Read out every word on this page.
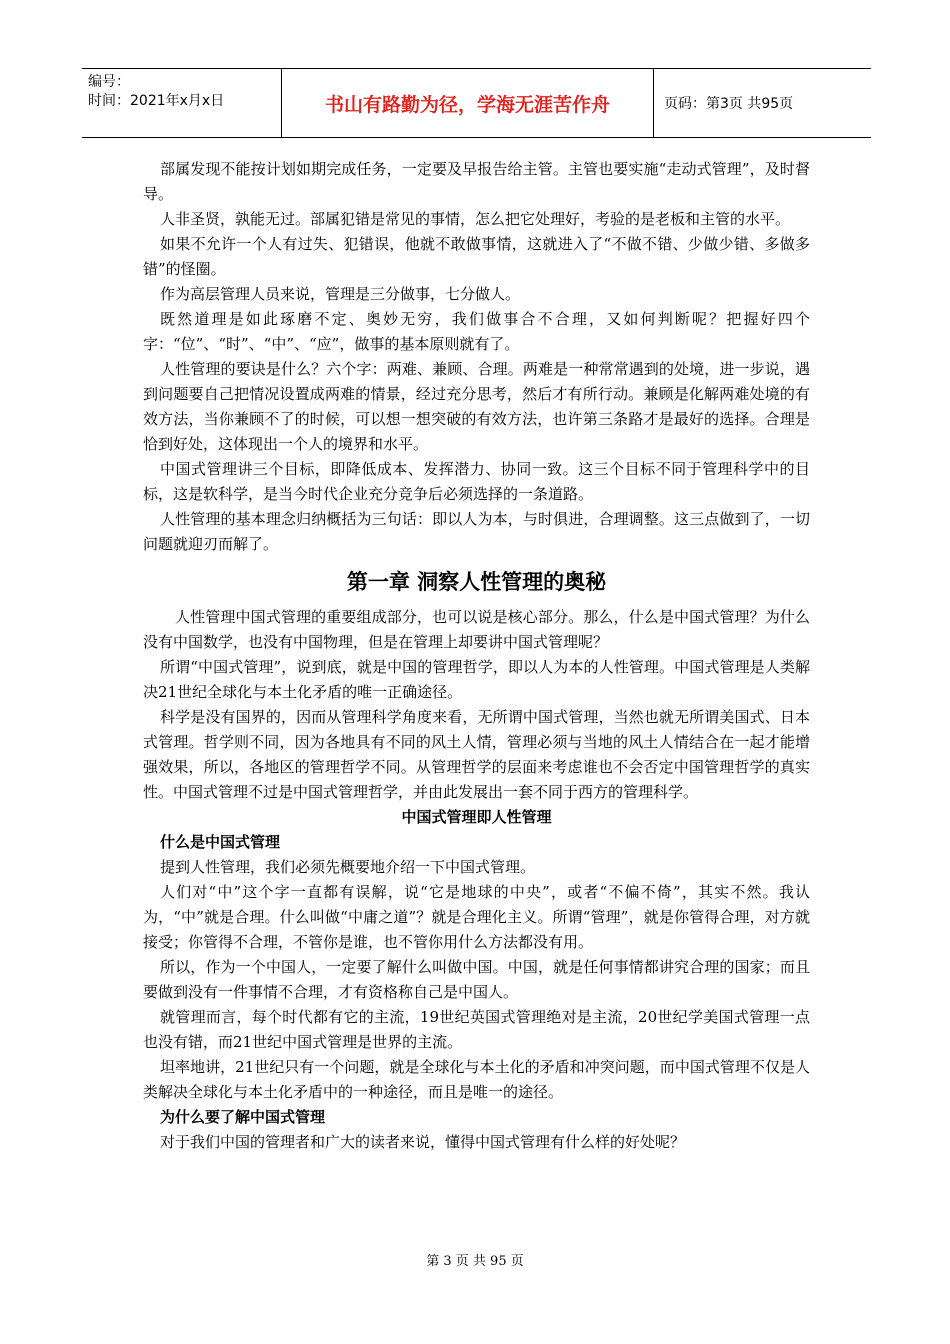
编号：
时间：2021年x月x日	书山有路勤为径，学海无涯苦作舟	页码：第3页 共95页

部属发现不能按计划如期完成任务，一定要及早报告给主管。主管也要实施“走动式管理”，及时督导。

人非圣贤，孰能无过。部属犯错是常见的事情，怎么把它处理好，考验的是老板和主管的水平。

如果不允许一个人有过失、犯错误，他就不敢做事情，这就进入了“不做不错、少做少错、多做多错”的怪圈。

作为高层管理人员来说，管理是三分做事，七分做人。

既然道理是如此琢磨不定、奥妙无穷，我们做事合不合理，又如何判断呢？把握好四个字：“位”、“时”、“中”、“应”，做事的基本原则就有了。

人性管理的要诀是什么？六个字：两难、兼顾、合理。两难是一种常常遇到的处境，进一步说，遇到问题要自己把情况设置成两难的情景，经过充分思考，然后才有所行动。兼顾是化解两难处境的有效方法，当你兼顾不了的时候，可以想一想突破的有效方法，也许第三条路才是最好的选择。合理是恰到好处，这体现出一个人的境界和水平。

中国式管理讲三个目标，即降低成本、发挥潜力、协同一致。这三个目标不同于管理科学中的目标，这是软科学，是当今时代企业充分竞争后必须选择的一条道路。

人性管理的基本理念归纳概括为三句话：即以人为本，与时俱进，合理调整。这三点做到了，一切问题就迎刃而解了。

第一章 洞察人性管理的奥秘

人性管理中国式管理的重要组成部分，也可以说是核心部分。那么，什么是中国式管理？为什么没有中国数学，也没有中国物理，但是在管理上却要讲中国式管理呢？

所谓“中国式管理”，说到底，就是中国的管理哲学，即以人为本的人性管理。中国式管理是人类解决21世纪全球化与本土化矛盾的唯一正确途径。

科学是没有国界的，因而从管理科学角度来看，无所谓中国式管理，当然也就无所谓美国式、日本式管理。哲学则不同，因为各地具有不同的风土人情，管理必须与当地的风土人情结合在一起才能增强效果，所以，各地区的管理哲学不同。从管理哲学的层面来考虑谁也不会否定中国管理哲学的真实性。中国式管理不过是中国式管理哲学，并由此发展出一套不同于西方的管理科学。

中国式管理即人性管理
什么是中国式管理

提到人性管理，我们必须先概要地介绍一下中国式管理。

人们对“中”这个字一直都有误解，说“它是地球的中央”，或者“不偏不倚”，其实不然。我认为，“中”就是合理。什么叫做“中庸之道”？就是合理化主义。所谓“管理”，就是你管得合理，对方就接受；你管得不合理，不管你是谁，也不管你用什么方法都没有用。

所以，作为一个中国人，一定要了解什么叫做中国。中国，就是任何事情都讲究合理的国家；而且要做到没有一件事情不合理，才有资格称自己是中国人。

就管理而言，每个时代都有它的主流，19世纪英国式管理绝对是主流，20世纪学美国式管理一点也没有错，而21世纪中国式管理是世界的主流。

坦率地讲，21世纪只有一个问题，就是全球化与本土化的矛盾和冲突问题，而中国式管理不仅是人类解决全球化与本土化矛盾中的一种途径，而且是唯一的途径。

为什么要了解中国式管理

对于我们中国的管理者和广大的读者来说，懂得中国式管理有什么样的好处呢？

第 3 页 共 95 页
